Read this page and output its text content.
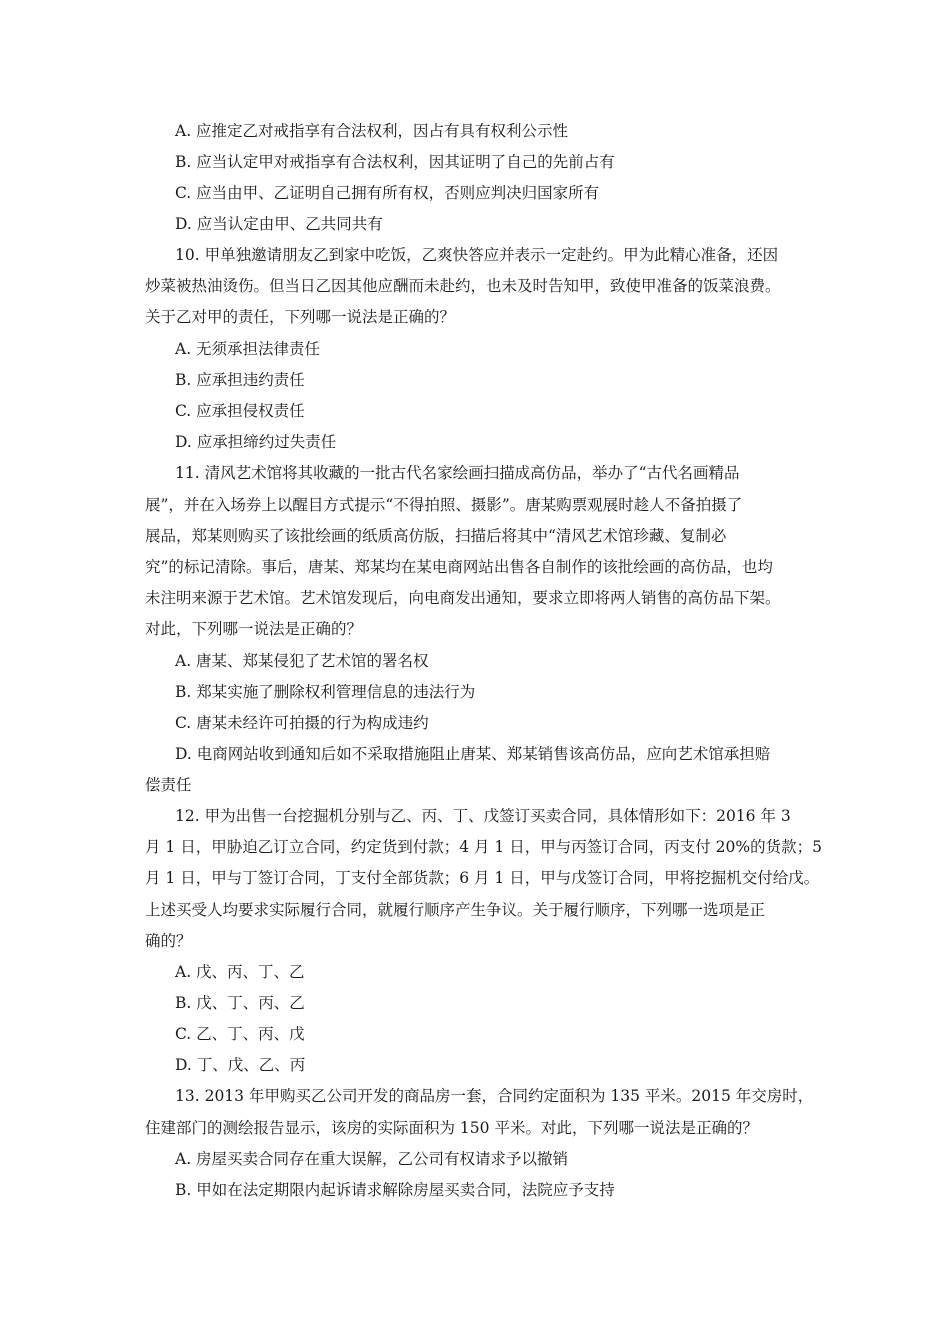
A. 应推定乙对戒指享有合法权利，因占有具有权利公示性
B. 应当认定甲对戒指享有合法权利，因其证明了自己的先前占有
C. 应当由甲、乙证明自己拥有所有权，否则应判决归国家所有
D. 应当认定由甲、乙共同共有
10. 甲单独邀请朋友乙到家中吃饭，乙爽快答应并表示一定赴约。甲为此精心准备，还因
炒菜被热油烫伤。但当日乙因其他应酬而未赴约，也未及时告知甲，致使甲准备的饭菜浪费。
关于乙对甲的责任，下列哪一说法是正确的？
A. 无须承担法律责任
B. 应承担违约责任
C. 应承担侵权责任
D. 应承担缔约过失责任
11. 清风艺术馆将其收藏的一批古代名家绘画扫描成高仿品，举办了“古代名画精品
展”，并在入场券上以醒目方式提示“不得拍照、摄影”。唐某购票观展时趁人不备拍摄了
展品，郑某则购买了该批绘画的纸质高仿版，扫描后将其中“清风艺术馆珍藏、复制必
究”的标记清除。事后，唐某、郑某均在某电商网站出售各自制作的该批绘画的高仿品，也均
未注明来源于艺术馆。艺术馆发现后，向电商发出通知，要求立即将两人销售的高仿品下架。
对此，下列哪一说法是正确的？
A. 唐某、郑某侵犯了艺术馆的署名权
B. 郑某实施了删除权利管理信息的违法行为
C. 唐某未经许可拍摄的行为构成违约
D. 电商网站收到通知后如不采取措施阻止唐某、郑某销售该高仿品，应向艺术馆承担赔
偿责任
12. 甲为出售一台挖掘机分别与乙、丙、丁、戊签订买卖合同，具体情形如下：2016 年 3
月 1 日，甲胁迫乙订立合同，约定货到付款；4 月 1 日，甲与丙签订合同，丙支付 20%的货款；5
月 1 日，甲与丁签订合同，丁支付全部货款；6 月 1 日，甲与戊签订合同，甲将挖掘机交付给戊。
上述买受人均要求实际履行合同，就履行顺序产生争议。关于履行顺序，下列哪一选项是正
确的？
A. 戊、丙、丁、乙
B. 戊、丁、丙、乙
C. 乙、丁、丙、戊
D. 丁、戊、乙、丙
13. 2013 年甲购买乙公司开发的商品房一套，合同约定面积为 135 平米。2015 年交房时，
住建部门的测绘报告显示，该房的实际面积为 150 平米。对此，下列哪一说法是正确的？
A. 房屋买卖合同存在重大误解，乙公司有权请求予以撤销
B. 甲如在法定期限内起诉请求解除房屋买卖合同，法院应予支持
